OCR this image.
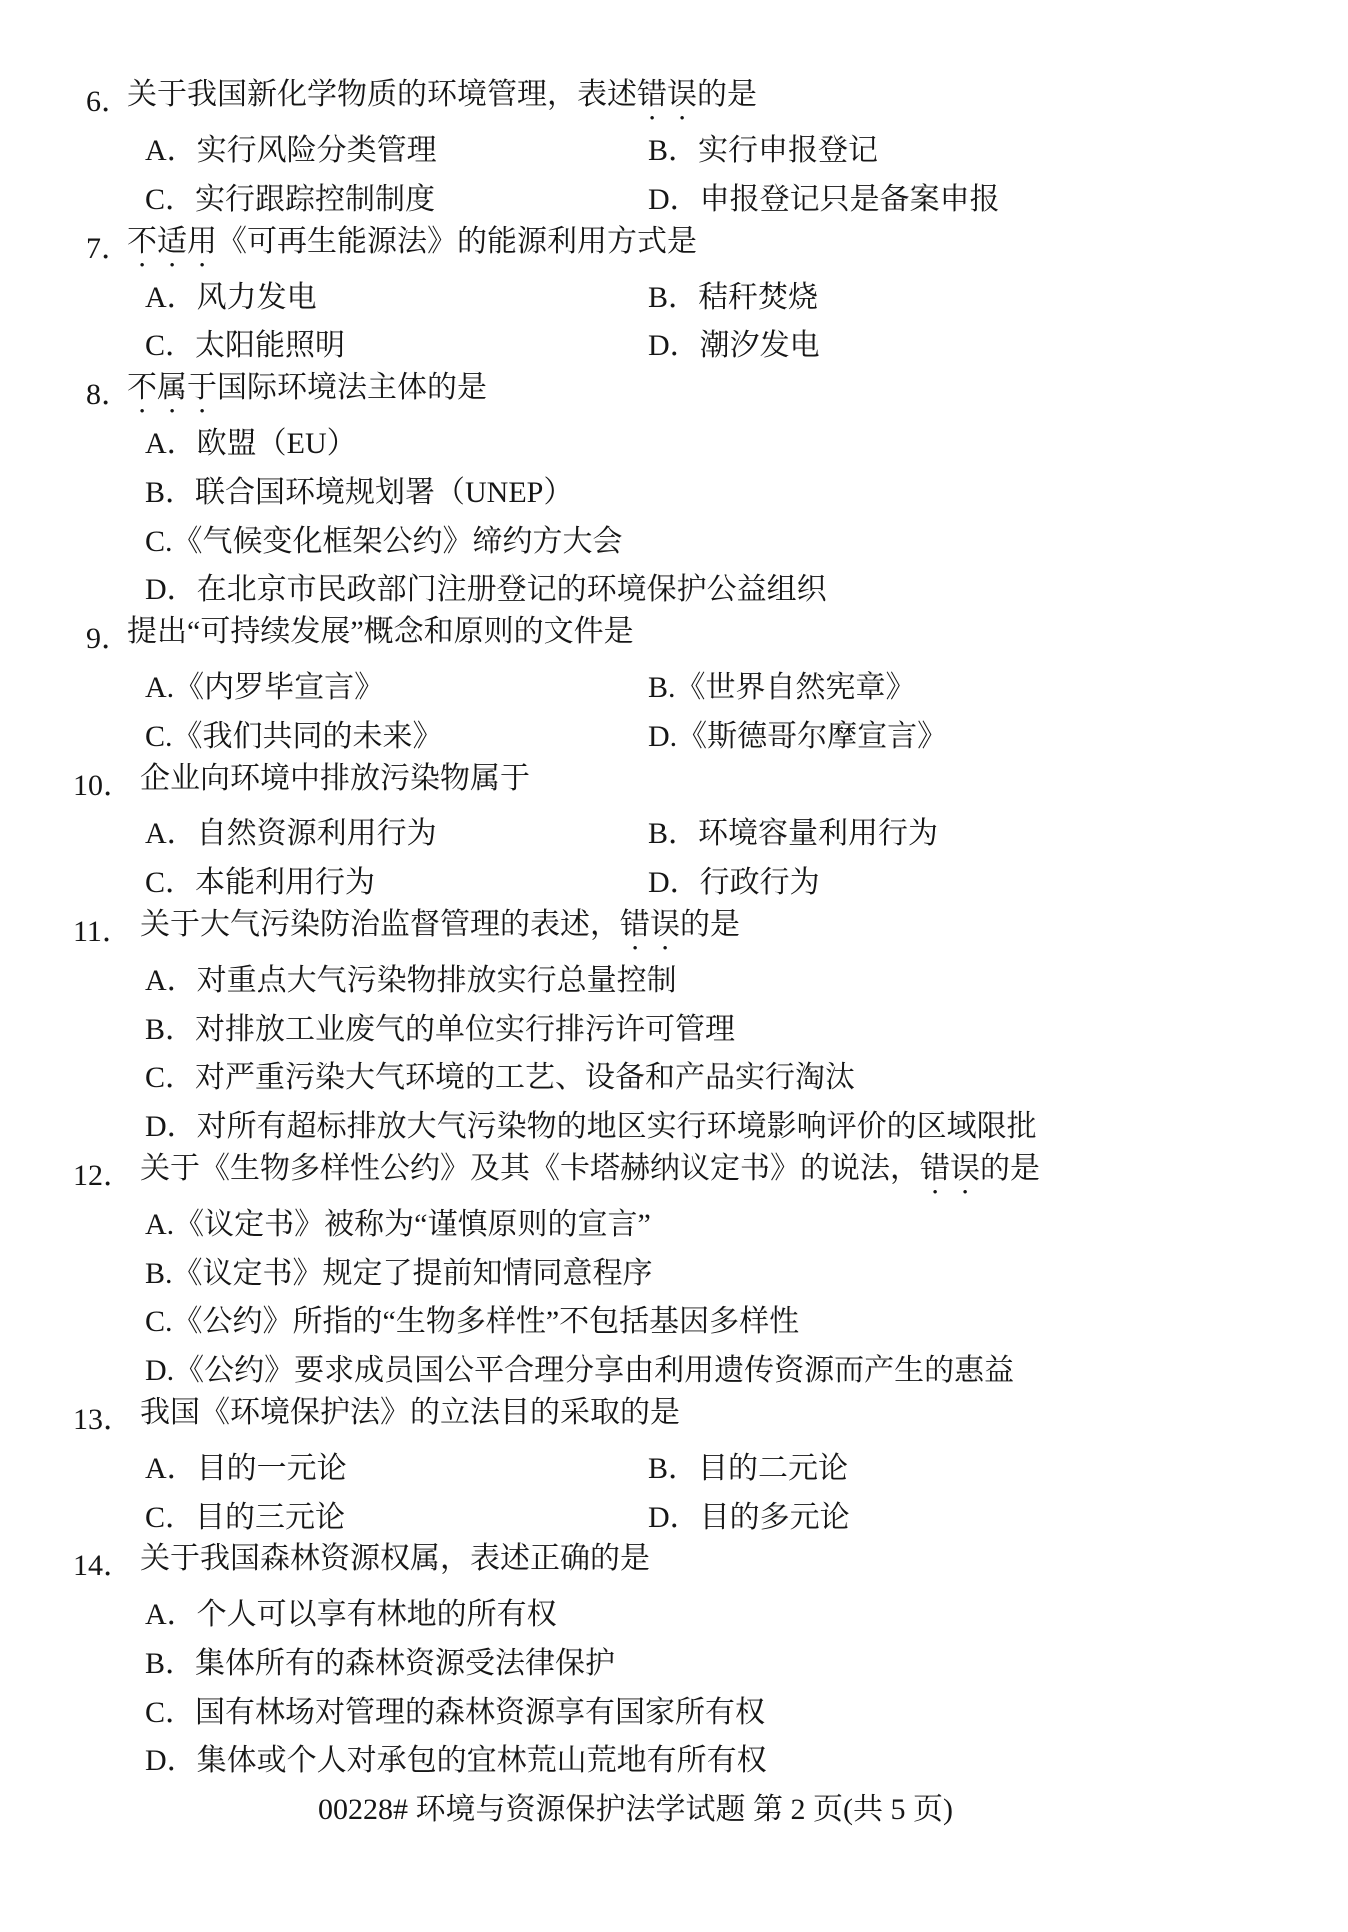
6．
关于我国新化学物质的环境管理，表述错误的是
A．实行风险分类管理	B．实行申报登记
C．实行跟踪控制制度	D．申报登记只是备案申报
7．
不适用《可再生能源法》的能源利用方式是
A．风力发电	B．秸秆焚烧
C．太阳能照明	D．潮汐发电
8．
不属于国际环境法主体的是
A．欧盟（EU）
B．联合国环境规划署（UNEP）
C.《气候变化框架公约》缔约方大会
D．在北京市民政部门注册登记的环境保护公益组织
9．
提出“可持续发展”概念和原则的文件是
A.《内罗毕宣言》	B.《世界自然宪章》
C.《我们共同的未来》	D.《斯德哥尔摩宣言》
10． 企业向环境中排放污染物属于
A．自然资源利用行为	B．环境容量利用行为
C．本能利用行为	D．行政行为
11． 关于大气污染防治监督管理的表述，错误的是
A．对重点大气污染物排放实行总量控制
B．对排放工业废气的单位实行排污许可管理
C．对严重污染大气环境的工艺、设备和产品实行淘汰
D．对所有超标排放大气污染物的地区实行环境影响评价的区域限批
12． 关于《生物多样性公约》及其《卡塔赫纳议定书》的说法，错误的是
A.《议定书》被称为“谨慎原则的宣言”
B.《议定书》规定了提前知情同意程序
C.《公约》所指的“生物多样性”不包括基因多样性
D.《公约》要求成员国公平合理分享由利用遗传资源而产生的惠益
13． 我国《环境保护法》的立法目的采取的是
A．目的一元论	B．目的二元论
C．目的三元论	D．目的多元论
14． 关于我国森林资源权属，表述正确的是
A．个人可以享有林地的所有权
B．集体所有的森林资源受法律保护
C．国有林场对管理的森林资源享有国家所有权
D．集体或个人对承包的宜林荒山荒地有所有权
00228# 环境与资源保护法学试题 第 2 页(共 5 页)
